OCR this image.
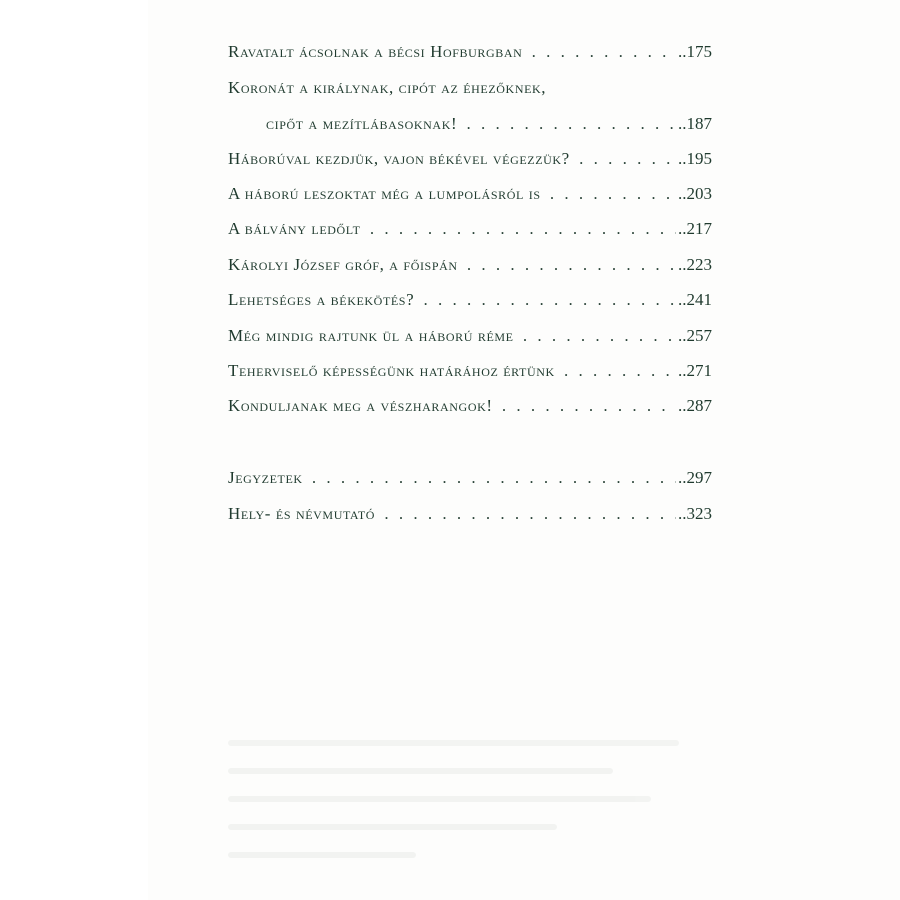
Ravatalt ácsolnak a bécsi Hofburgban . . .	..175
Koronát a királynak, cipót az éhezőknek,
cipőt a mezítlábasoknak! . . .	..187
Háborúval kezdjük, vajon békével végezzük? . . .	..195
A háború leszoktat még a lumpolásról is . . .	..203
A bálvány ledőlt . . .	..217
Károlyi József gróf, a főispán . . .	..223
Lehetséges a békekötés? . . .	..241
Még mindig rajtunk ül a háború réme . . .	..257
Teherviselő képességünk határához értünk . . .	..271
Konduljanak meg a vészharangok! . . .	..287
Jegyzetek . . .	..297
Hely- és névmutató . . .	..323
